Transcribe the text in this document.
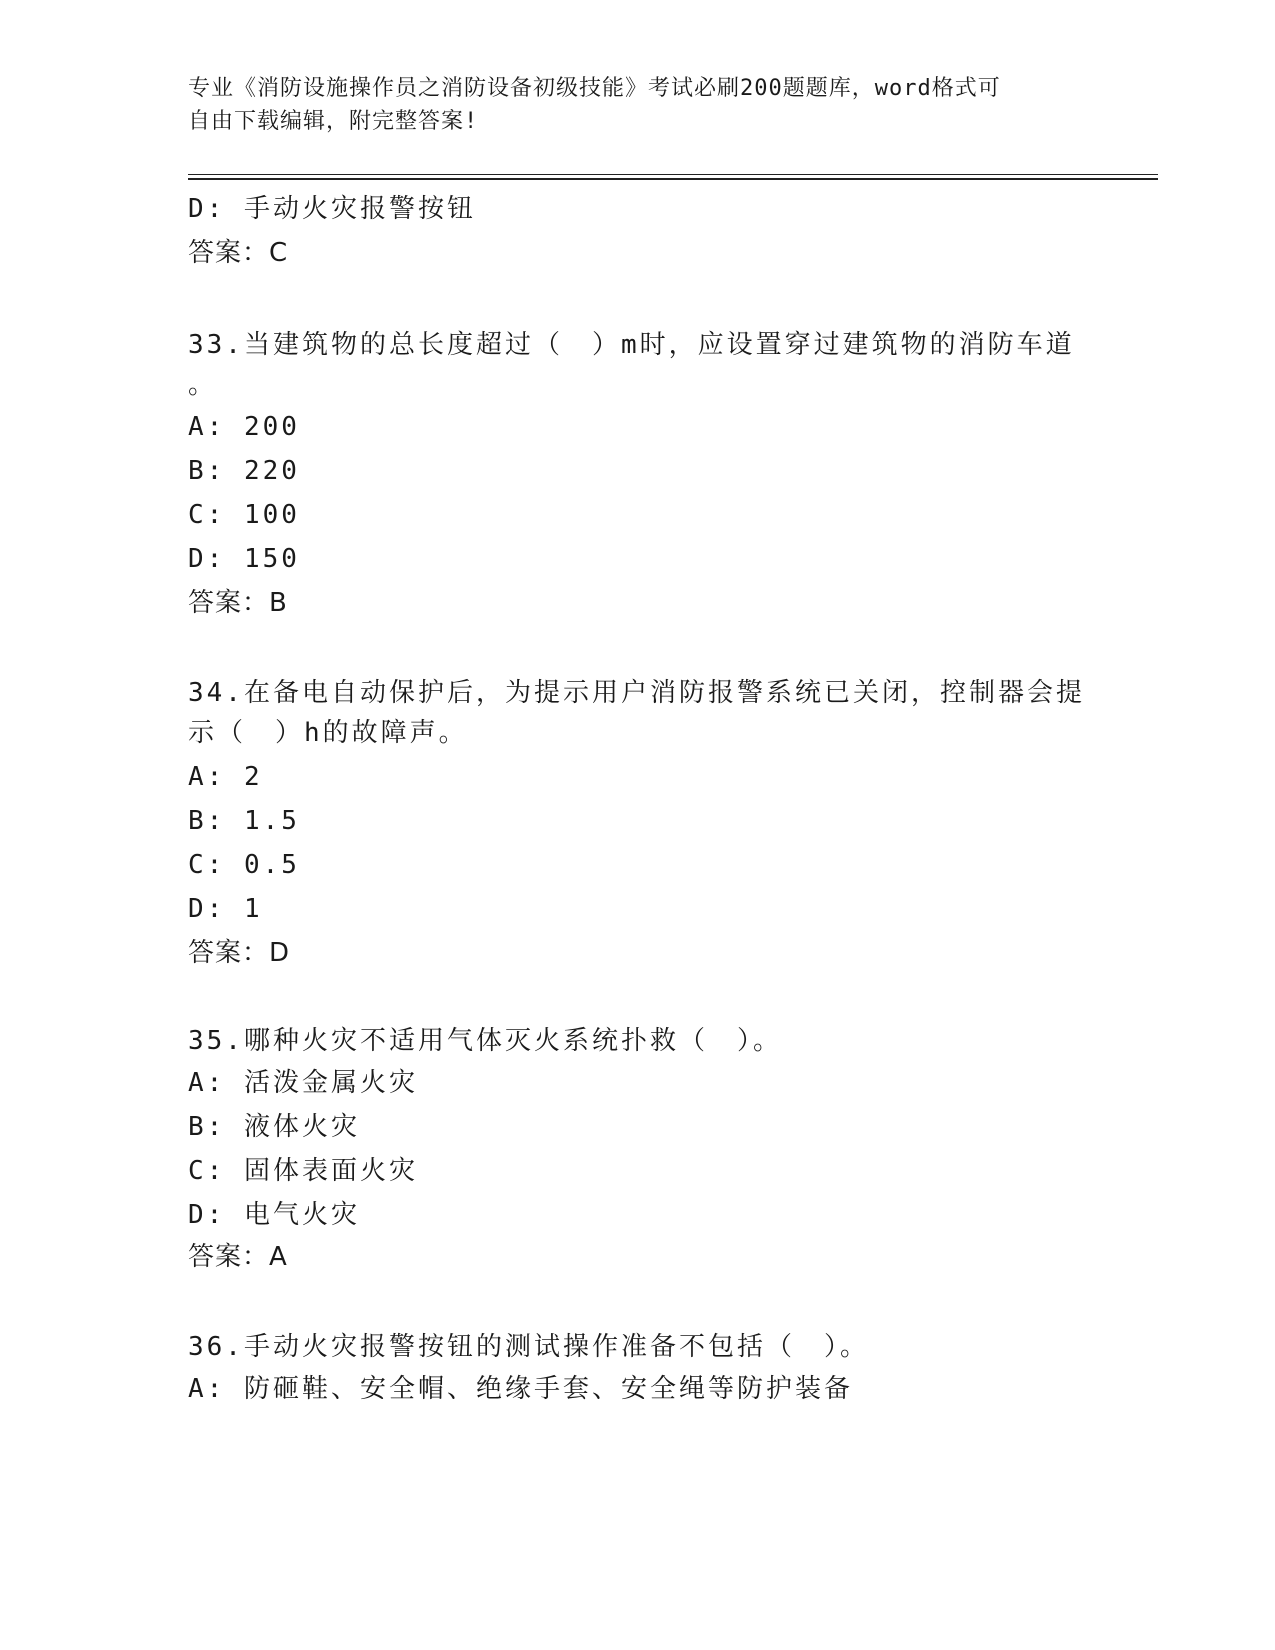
专业《消防设施操作员之消防设备初级技能》考试必刷200题题库，word格式可
自由下载编辑，附完整答案!
D: 手动火灾报警按钮
答案：C
33.当建筑物的总长度超过（　）m时，应设置穿过建筑物的消防车道
。
A: 200
B: 220
C: 100
D: 150
答案：B
34.在备电自动保护后，为提示用户消防报警系统已关闭，控制器会提
示（　）h的故障声。
A: 2
B: 1.5
C: 0.5
D: 1
答案：D
35.哪种火灾不适用气体灭火系统扑救（　）。
A: 活泼金属火灾
B: 液体火灾
C: 固体表面火灾
D: 电气火灾
答案：A
36.手动火灾报警按钮的测试操作准备不包括（　）。
A: 防砸鞋、安全帽、绝缘手套、安全绳等防护装备
